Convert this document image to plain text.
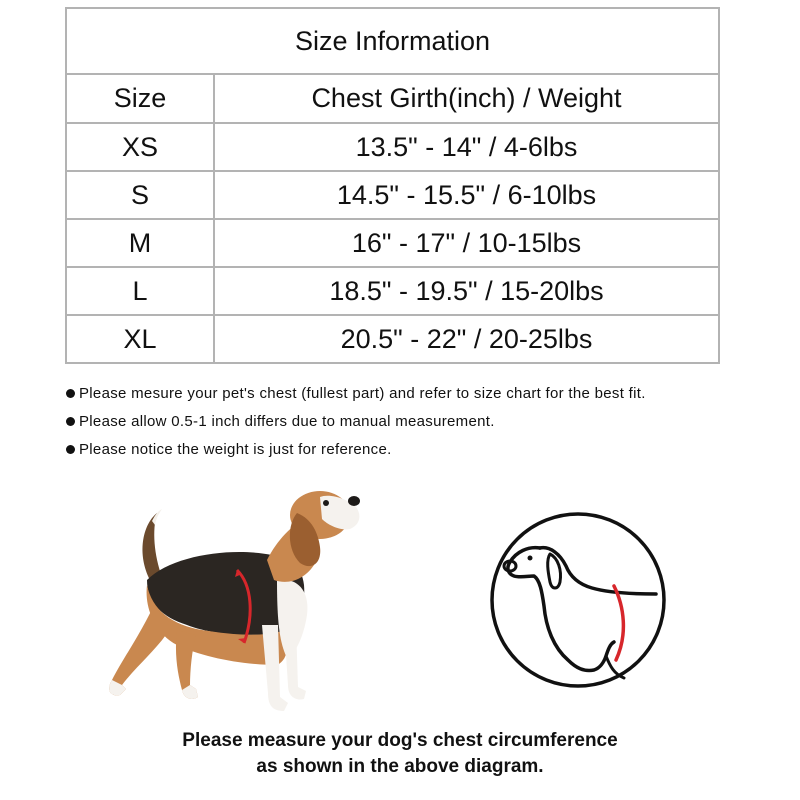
Size Information	
Size	Chest Girth(inch) / Weight
XS	13.5" - 14" / 4-6lbs
S	14.5" - 15.5" / 6-10lbs
M	16" - 17" / 10-15lbs
L	18.5" - 19.5" / 15-20lbs
XL	20.5" - 22" / 20-25lbs
Please mesure your pet's chest (fullest part) and refer to size chart for the best fit.
Please allow 0.5-1 inch differs due to manual measurement.
Please notice the weight is just for reference.
Please measure your dog's chest circumference
as shown in the above diagram.
